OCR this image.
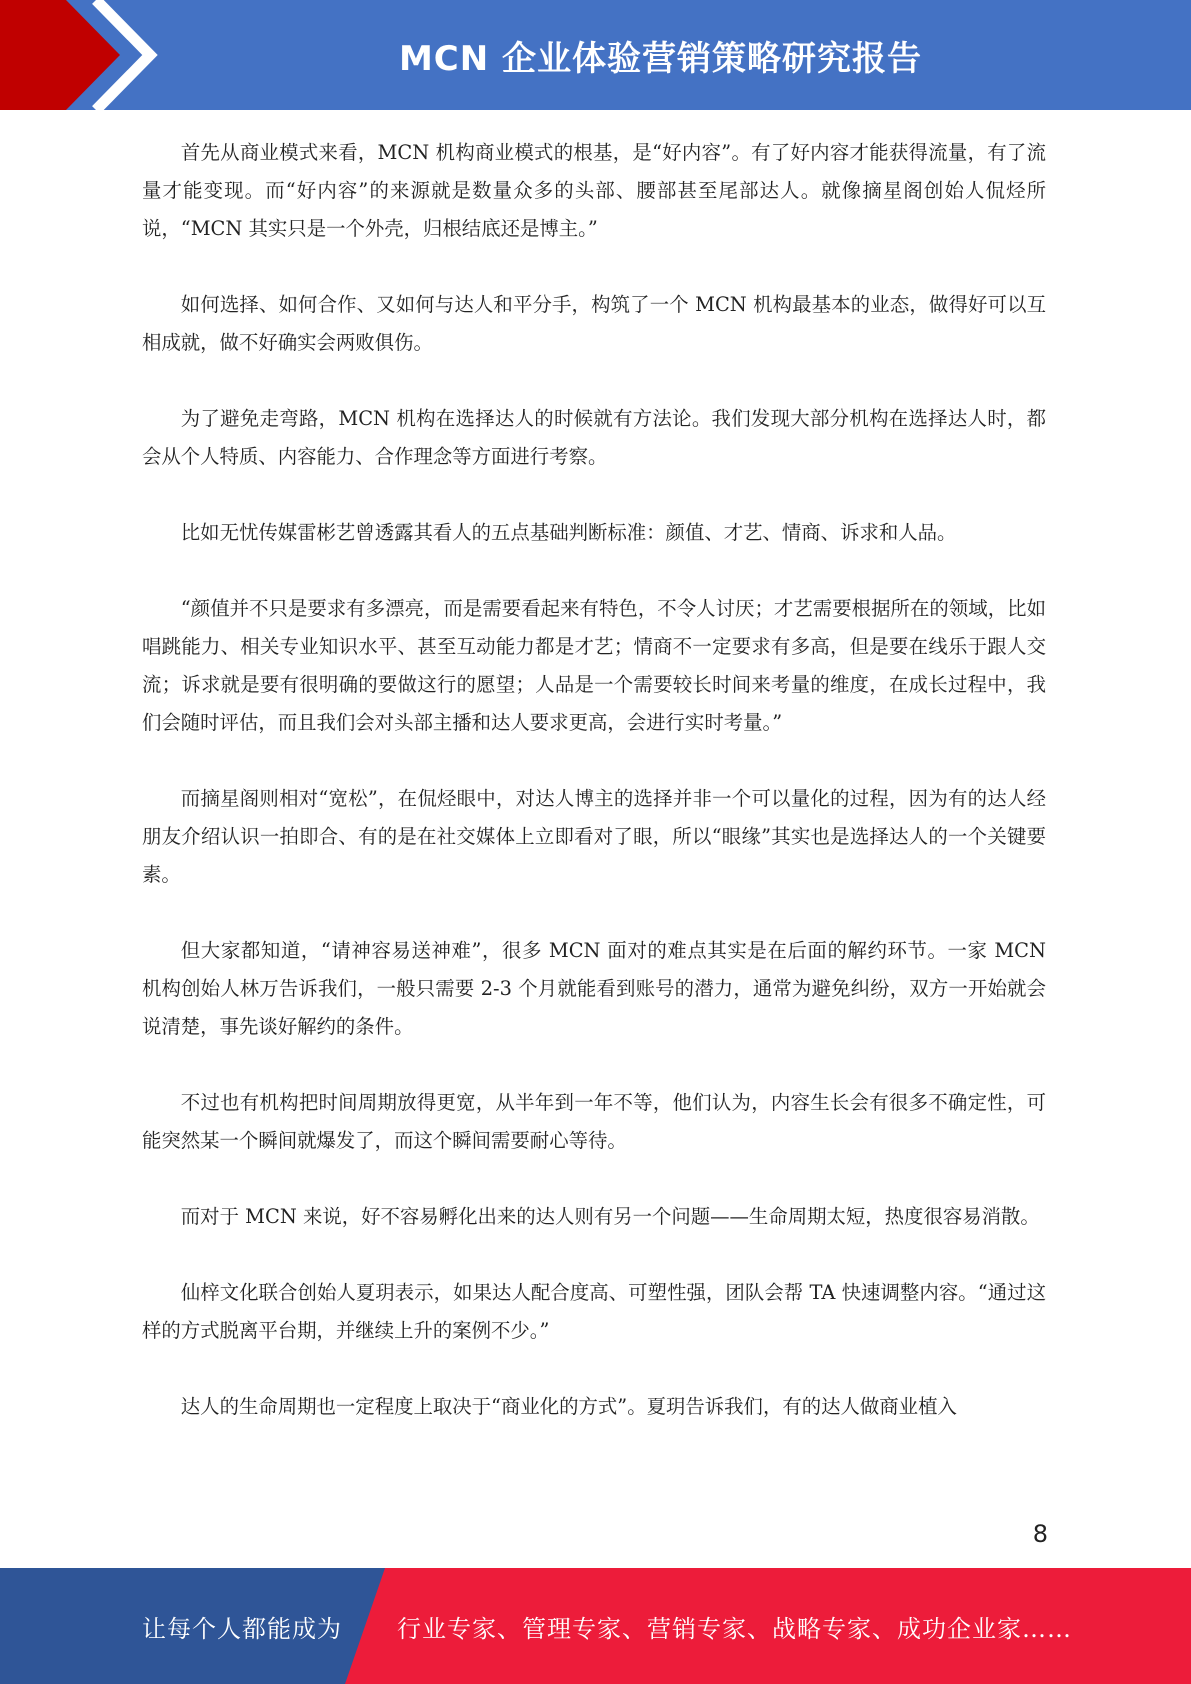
MCN 企业体验营销策略研究报告

首先从商业模式来看，MCN 机构商业模式的根基，是“好内容”。有了好内容才能获得流量，有了流量才能变现。而“好内容”的来源就是数量众多的头部、腰部甚至尾部达人。就像摘星阁创始人侃烃所说，“MCN 其实只是一个外壳，归根结底还是博主。”

如何选择、如何合作、又如何与达人和平分手，构筑了一个 MCN 机构最基本的业态，做得好可以互相成就，做不好确实会两败俱伤。

为了避免走弯路，MCN 机构在选择达人的时候就有方法论。我们发现大部分机构在选择达人时，都会从个人特质、内容能力、合作理念等方面进行考察。

比如无忧传媒雷彬艺曾透露其看人的五点基础判断标准：颜值、才艺、情商、诉求和人品。

“颜值并不只是要求有多漂亮，而是需要看起来有特色，不令人讨厌；才艺需要根据所在的领域，比如唱跳能力、相关专业知识水平、甚至互动能力都是才艺；情商不一定要求有多高，但是要在线乐于跟人交流；诉求就是要有很明确的要做这行的愿望；人品是一个需要较长时间来考量的维度，在成长过程中，我们会随时评估，而且我们会对头部主播和达人要求更高，会进行实时考量。”

而摘星阁则相对“宽松”，在侃烃眼中，对达人博主的选择并非一个可以量化的过程，因为有的达人经朋友介绍认识一拍即合、有的是在社交媒体上立即看对了眼，所以“眼缘”其实也是选择达人的一个关键要素。

但大家都知道，“请神容易送神难”，很多 MCN 面对的难点其实是在后面的解约环节。一家 MCN 机构创始人林万告诉我们，一般只需要 2-3 个月就能看到账号的潜力，通常为避免纠纷，双方一开始就会说清楚，事先谈好解约的条件。

不过也有机构把时间周期放得更宽，从半年到一年不等，他们认为，内容生长会有很多不确定性，可能突然某一个瞬间就爆发了，而这个瞬间需要耐心等待。

而对于 MCN 来说，好不容易孵化出来的达人则有另一个问题——生命周期太短，热度很容易消散。

仙梓文化联合创始人夏玥表示，如果达人配合度高、可塑性强，团队会帮 TA 快速调整内容。“通过这样的方式脱离平台期，并继续上升的案例不少。”

达人的生命周期也一定程度上取决于“商业化的方式”。夏玥告诉我们，有的达人做商业植入

8
让每个人都能成为 行业专家、管理专家、营销专家、战略专家、成功企业家……
